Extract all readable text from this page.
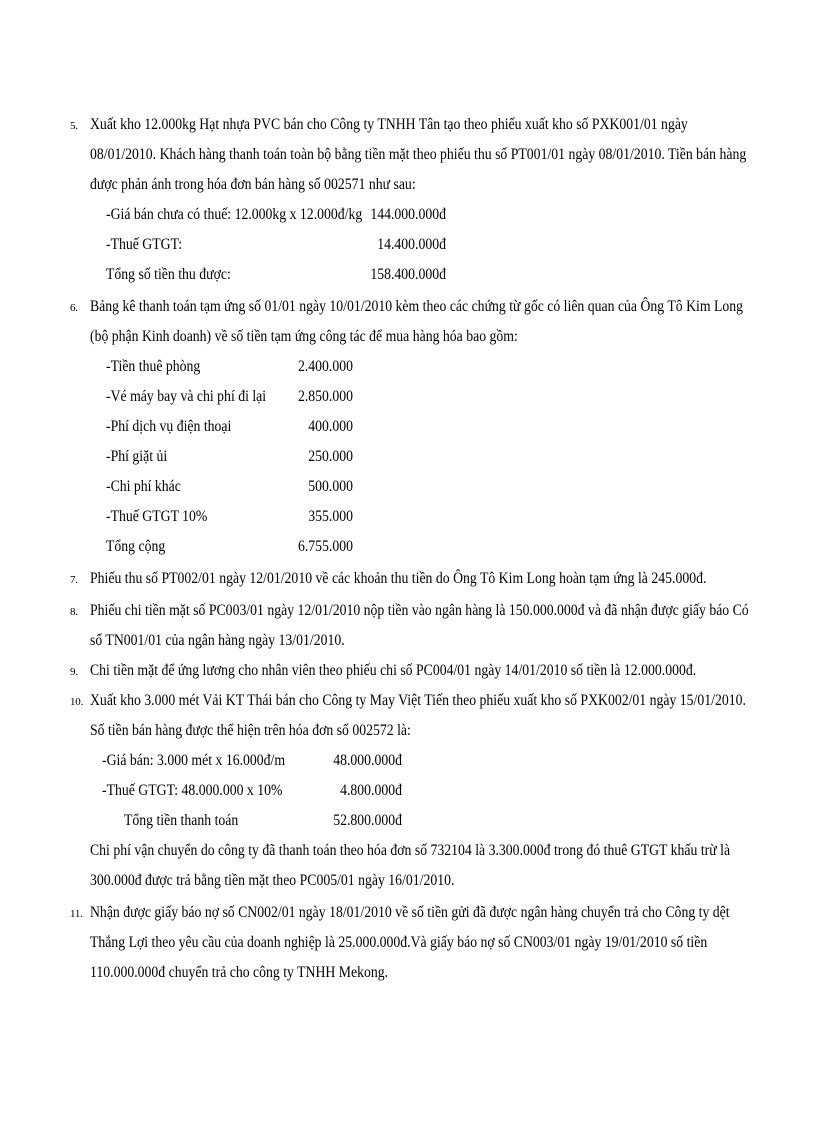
5. Xuất kho 12.000kg Hạt nhựa PVC bán cho Công ty TNHH Tân tạo theo phiếu xuất kho số PXK001/01 ngày
08/01/2010. Khách hàng thanh toán toàn bộ bằng tiền mặt theo phiếu thu số PT001/01 ngày 08/01/2010. Tiền bán hàng
được phản ánh trong hóa đơn bán hàng số 002571 như sau:
-Giá bán chưa có thuế: 12.000kg x 12.000đ/kg 144.000.000đ
-Thuế GTGT:	14.400.000đ
Tổng số tiền thu được:	158.400.000đ
6. Bảng kê thanh toán tạm ứng số 01/01 ngày 10/01/2010 kèm theo các chứng từ gốc có liên quan của Ông Tô Kim Long
(bộ phận Kinh doanh) về số tiền tạm ứng công tác để mua hàng hóa bao gồm:
-Tiền thuê phòng	2.400.000
-Vé máy bay và chi phí đi lại 2.850.000
-Phí dịch vụ điện thoại	400.000
-Phí giặt ủi	250.000
-Chi phí khác	500.000
-Thuế GTGT 10%	355.000
Tổng cộng	6.755.000
7. Phiếu thu số PT002/01 ngày 12/01/2010 về các khoản thu tiền do Ông Tô Kim Long hoàn tạm ứng là 245.000đ.
8. Phiếu chi tiền mặt số PC003/01 ngày 12/01/2010 nộp tiền vào ngân hàng là 150.000.000đ và đã nhận được giấy báo Có
số TN001/01 của ngân hàng ngày 13/01/2010.
9. Chi tiền mặt để ứng lương cho nhân viên theo phiếu chi số PC004/01 ngày 14/01/2010 số tiền là 12.000.000đ.
10. Xuất kho 3.000 mét Vải KT Thái bán cho Công ty May Việt Tiến theo phiếu xuất kho số PXK002/01 ngày 15/01/2010.
Số tiền bán hàng được thể hiện trên hóa đơn số 002572 là:
-Giá bán: 3.000 mét x 16.000đ/m	48.000.000đ
-Thuế GTGT: 48.000.000 x 10%	4.800.000đ
Tổng tiền thanh toán	52.800.000đ
Chi phí vận chuyển do công ty đã thanh toán theo hóa đơn số 732104 là 3.300.000đ trong đó thuê GTGT khấu trừ là
300.000đ được trả bằng tiền mặt theo PC005/01 ngày 16/01/2010.
11. Nhận được giấy báo nợ số CN002/01 ngày 18/01/2010 về số tiền gửi đã được ngân hàng chuyển trả cho Công ty dệt
Thắng Lợi theo yêu cầu của doanh nghiệp là 25.000.000đ.Và giấy báo nợ số CN003/01 ngày 19/01/2010 số tiền
110.000.000đ chuyển trả cho công ty TNHH Mekong.
